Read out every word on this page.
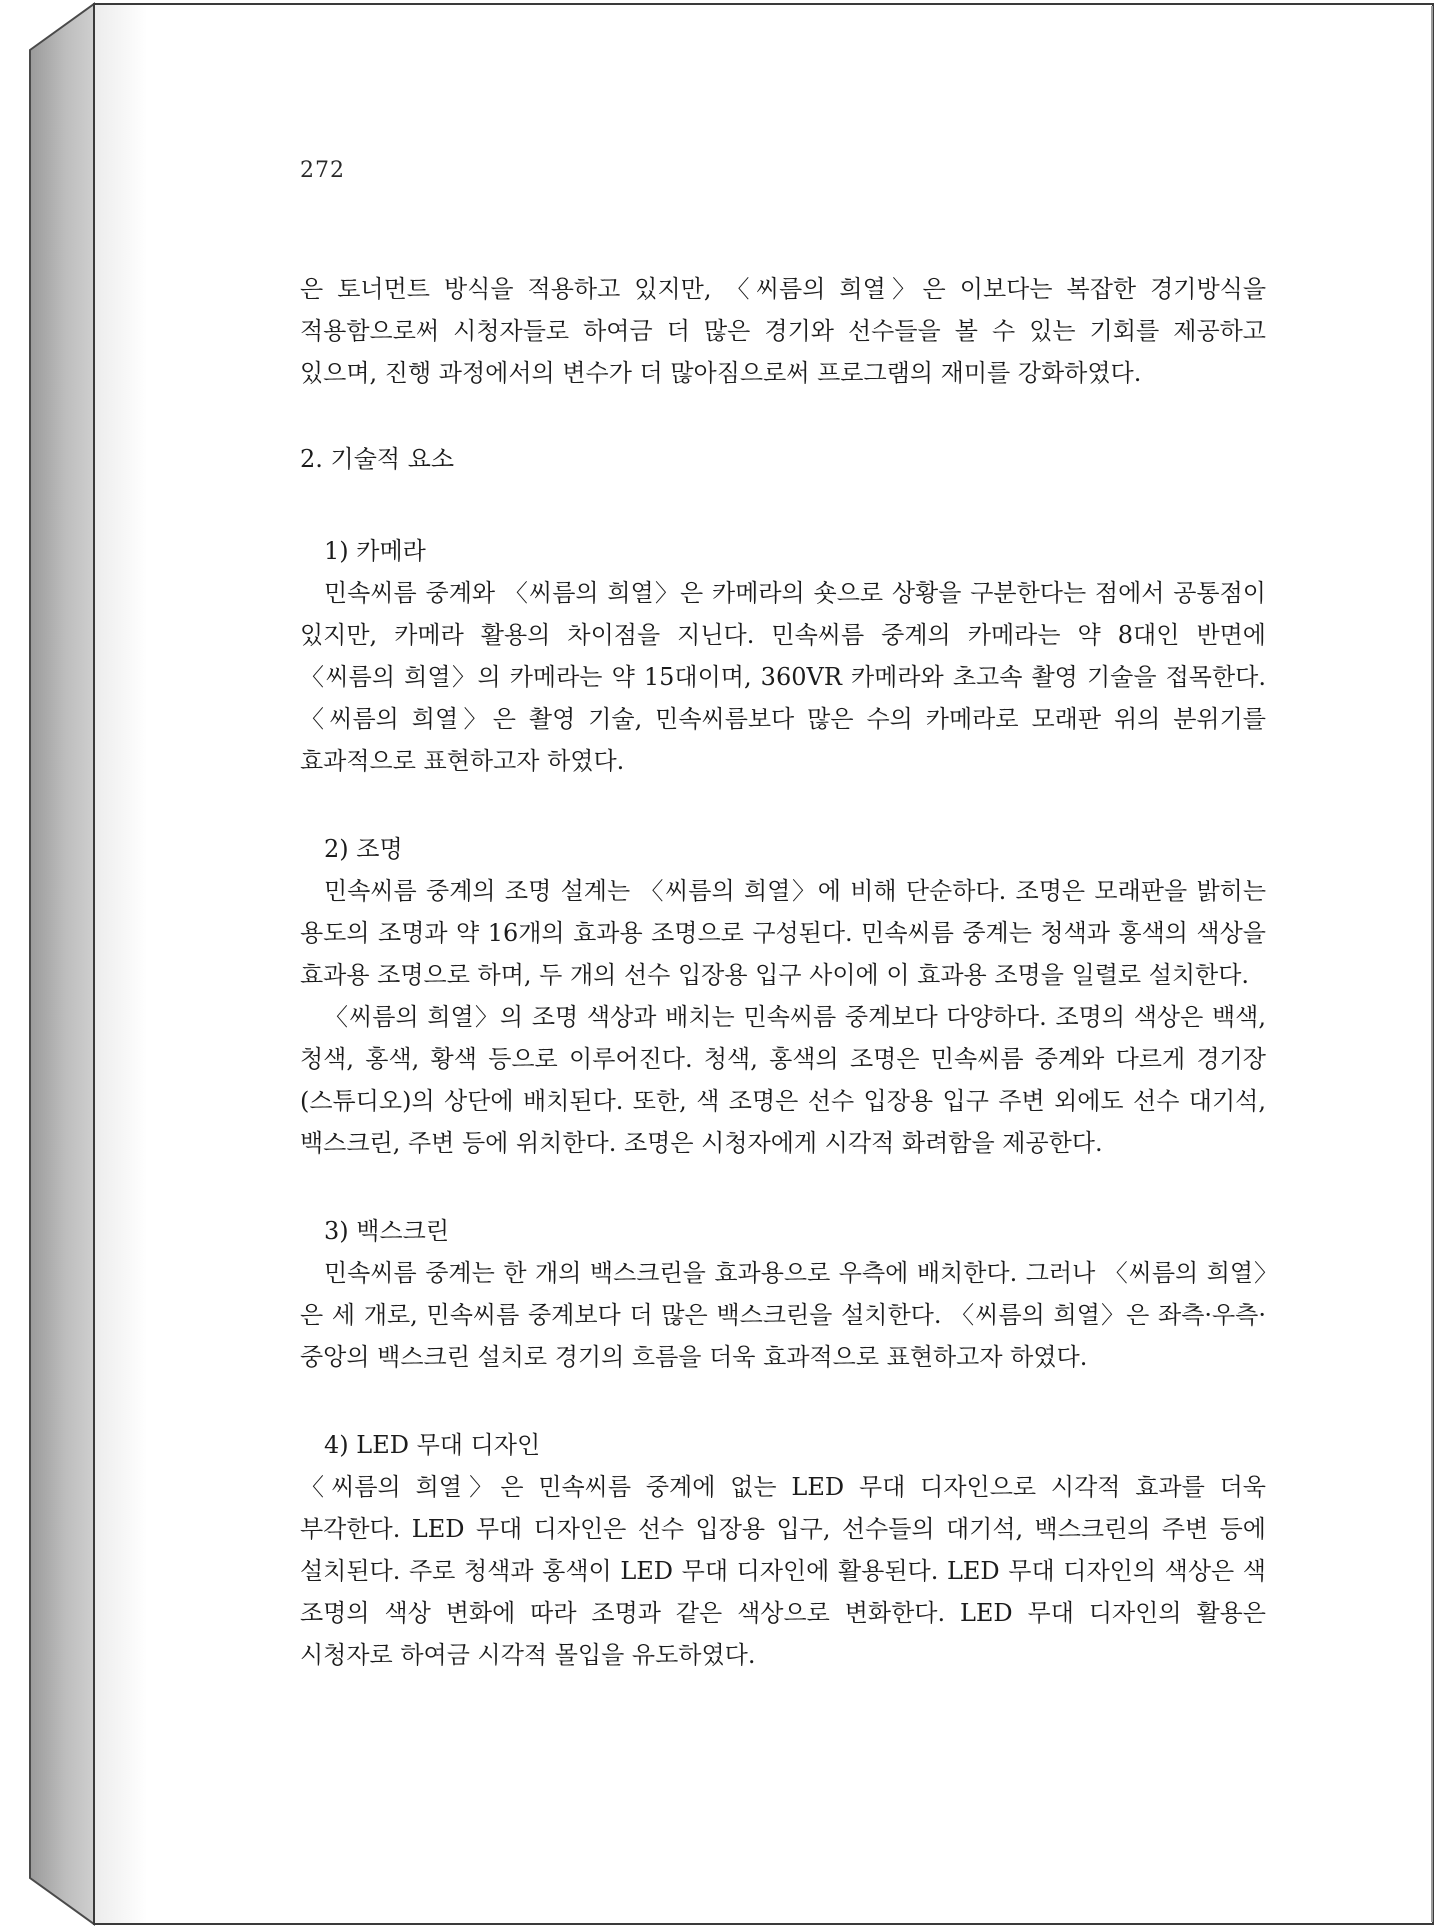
272

은 토너먼트 방식을 적용하고 있지만, 〈씨름의 희열〉은 이보다는 복잡한 경기방식을 적용함으로써 시청자들로 하여금 더 많은 경기와 선수들을 볼 수 있는 기회를 제공하고 있으며, 진행 과정에서의 변수가 더 많아짐으로써 프로그램의 재미를 강화하였다.

2. 기술적 요소

1) 카메라

민속씨름 중계와 〈씨름의 희열〉은 카메라의 숏으로 상황을 구분한다는 점에서 공통점이 있지만, 카메라 활용의 차이점을 지닌다. 민속씨름 중계의 카메라는 약 8대인 반면에 〈씨름의 희열〉의 카메라는 약 15대이며, 360VR 카메라와 초고속 촬영 기술을 접목한다. 〈씨름의 희열〉은 촬영 기술, 민속씨름보다 많은 수의 카메라로 모래판 위의 분위기를 효과적으로 표현하고자 하였다.

2) 조명

민속씨름 중계의 조명 설계는 〈씨름의 희열〉에 비해 단순하다. 조명은 모래판을 밝히는 용도의 조명과 약 16개의 효과용 조명으로 구성된다. 민속씨름 중계는 청색과 홍색의 색상을 효과용 조명으로 하며, 두 개의 선수 입장용 입구 사이에 이 효과용 조명을 일렬로 설치한다.

〈씨름의 희열〉의 조명 색상과 배치는 민속씨름 중계보다 다양하다. 조명의 색상은 백색, 청색, 홍색, 황색 등으로 이루어진다. 청색, 홍색의 조명은 민속씨름 중계와 다르게 경기장(스튜디오)의 상단에 배치된다. 또한, 색 조명은 선수 입장용 입구 주변 외에도 선수 대기석, 백스크린, 주변 등에 위치한다. 조명은 시청자에게 시각적 화려함을 제공한다.

3) 백스크린

민속씨름 중계는 한 개의 백스크린을 효과용으로 우측에 배치한다. 그러나 〈씨름의 희열〉은 세 개로, 민속씨름 중계보다 더 많은 백스크린을 설치한다. 〈씨름의 희열〉은 좌측·우측·중앙의 백스크린 설치로 경기의 흐름을 더욱 효과적으로 표현하고자 하였다.

4) LED 무대 디자인

〈씨름의 희열〉은 민속씨름 중계에 없는 LED 무대 디자인으로 시각적 효과를 더욱 부각한다. LED 무대 디자인은 선수 입장용 입구, 선수들의 대기석, 백스크린의 주변 등에 설치된다. 주로 청색과 홍색이 LED 무대 디자인에 활용된다. LED 무대 디자인의 색상은 색 조명의 색상 변화에 따라 조명과 같은 색상으로 변화한다. LED 무대 디자인의 활용은 시청자로 하여금 시각적 몰입을 유도하였다.
